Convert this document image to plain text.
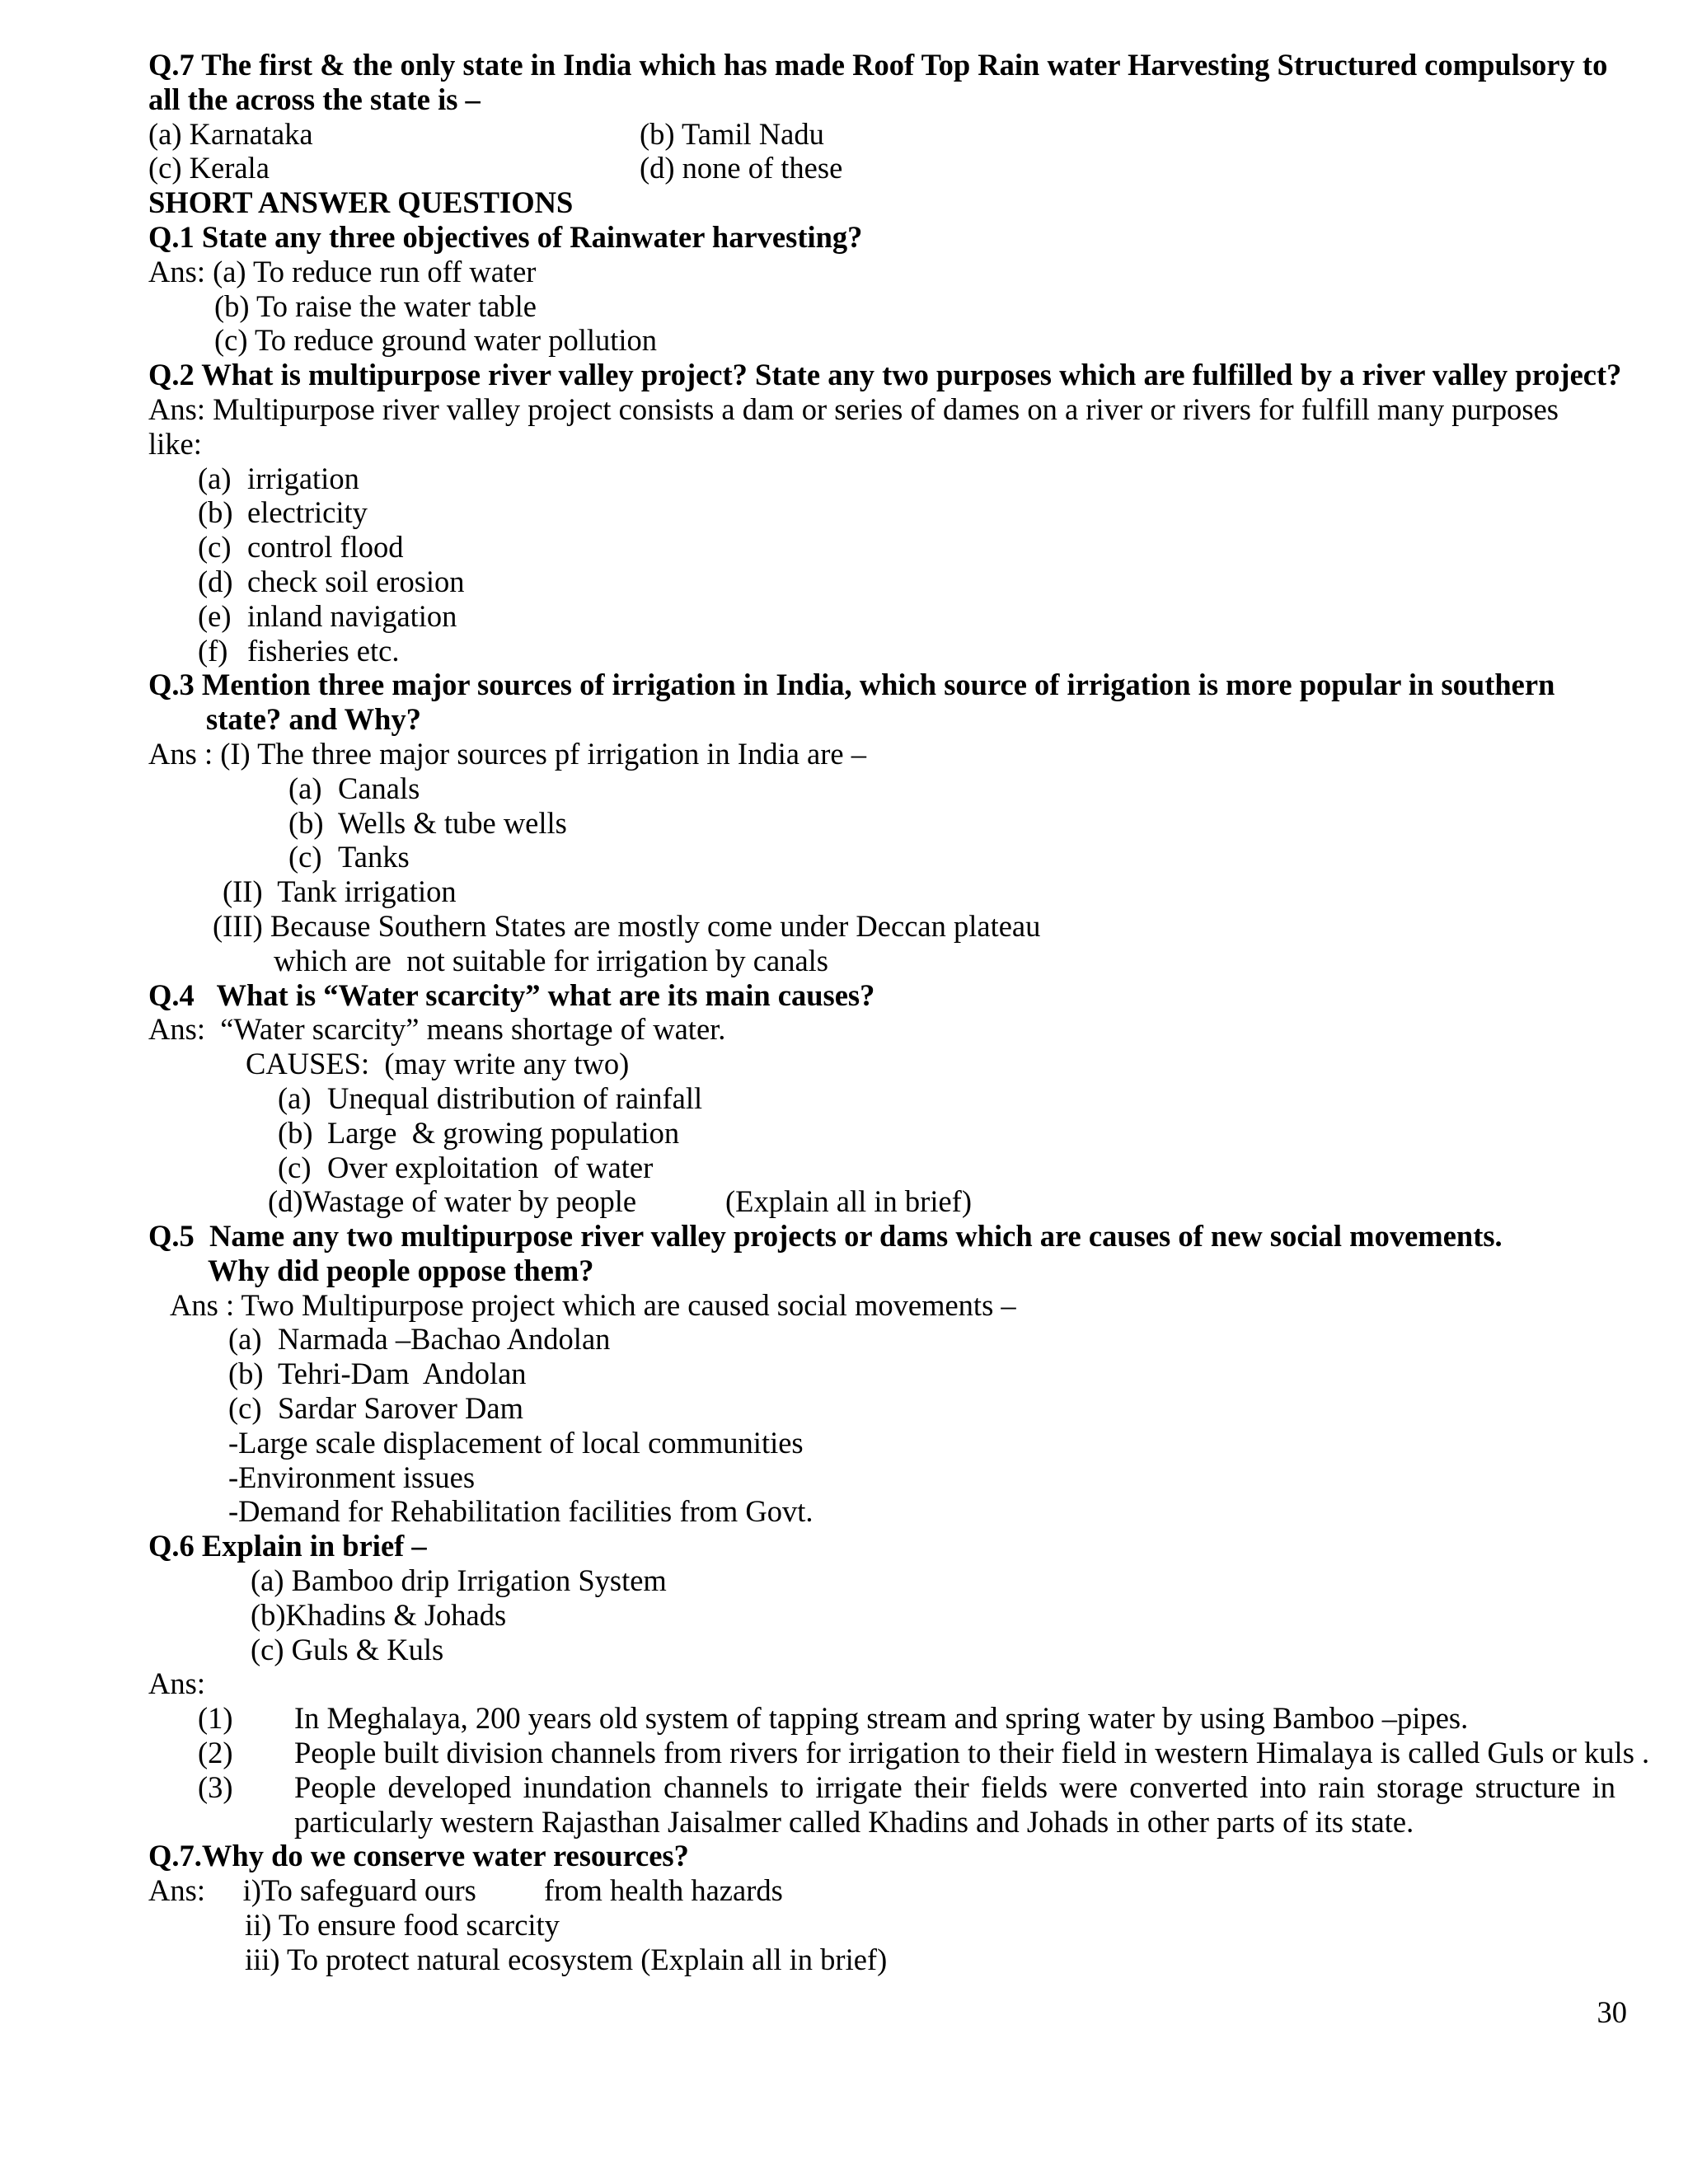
Q.7 The first & the only state in India which has made Roof Top Rain water Harvesting Structured compulsory to all the across the state is –
(a) Karnataka	(b) Tamil Nadu
(c) Kerala	(d) none of these
SHORT ANSWER QUESTIONS
Q.1 State any three objectives of Rainwater harvesting?
Ans: (a) To reduce run off water
(b) To raise the water table
(c) To reduce ground water pollution
Q.2 What is multipurpose river valley project? State any two purposes which are fulfilled by a river valley project?
Ans: Multipurpose river valley project consists a dam or series of dames on a river or rivers for fulfill many purposes like:
(a) irrigation
(b) electricity
(c) control flood
(d) check soil erosion
(e) inland navigation
(f) fisheries etc.
Q.3 Mention three major sources of irrigation in India, which source of irrigation is more popular in southern
state? and Why?
Ans : (I) The three major sources pf irrigation in India are –
(a) Canals
(b) Wells & tube wells
(c) Tanks
(II)  Tank irrigation
(III) Because Southern States are mostly come under Deccan plateau
which are  not suitable for irrigation by canals
Q.4   What is “Water scarcity” what are its main causes?
Ans:  “Water scarcity” means shortage of water.
CAUSES:  (may write any two)
(a) Unequal distribution of rainfall
(b) Large  & growing population
(c) Over exploitation  of water
(d)Wastage of water by people	(Explain all in brief)
Q.5  Name any two multipurpose river valley projects or dams which are causes of new social movements.
Why did people oppose them?
Ans : Two Multipurpose project which are caused social movements –
(a) Narmada –Bachao Andolan
(b) Tehri-Dam  Andolan
(c) Sardar Sarover Dam
-Large scale displacement of local communities
-Environment issues
-Demand for Rehabilitation facilities from Govt.
Q.6 Explain in brief –
(a) Bamboo drip Irrigation System
(b)Khadins & Johads
(c) Guls & Kuls
Ans:
(1)	In Meghalaya, 200 years old system of tapping stream and spring water by using Bamboo –pipes.
(2)	People built division channels from rivers for irrigation to their field in western Himalaya is called Guls or kuls .
(3)	People developed inundation channels to irrigate their fields were converted into rain storage structure in particularly western Rajasthan Jaisalmer called Khadins and Johads in other parts of its state.
Q.7.Why do we conserve water resources?
Ans:     i)To safeguard ours         from health hazards
ii) To ensure food scarcity
iii) To protect natural ecosystem (Explain all in brief)
30
